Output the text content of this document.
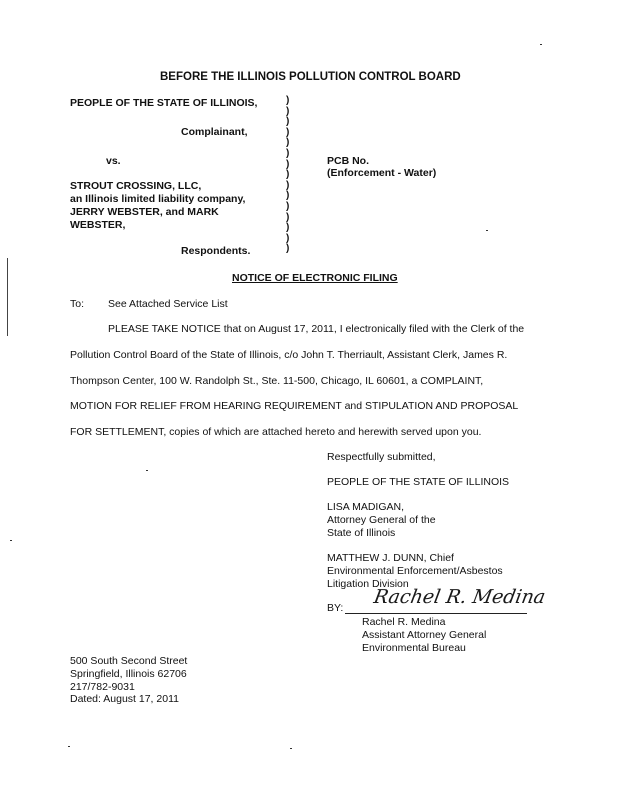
BEFORE THE ILLINOIS POLLUTION CONTROL BOARD
PEOPLE OF THE STATE OF ILLINOIS,
Complainant,
vs.
STROUT CROSSING, LLC,
an Illinois limited liability company,
JERRY WEBSTER, and MARK
WEBSTER,
Respondents.
PCB No.
(Enforcement - Water)
)
)
)
)
)
)
)
)
)
)
)
)
)
)
)
NOTICE OF ELECTRONIC FILING
To: See Attached Service List
PLEASE TAKE NOTICE that on August 17, 2011, I electronically filed with the Clerk of the
Pollution Control Board of the State of Illinois, c/o John T. Therriault, Assistant Clerk, James R.
Thompson Center, 100 W. Randolph St., Ste. 11-500, Chicago, IL 60601, a COMPLAINT,
MOTION FOR RELIEF FROM HEARING REQUIREMENT and STIPULATION AND PROPOSAL
FOR SETTLEMENT, copies of which are attached hereto and herewith served upon you.
Respectfully submitted,
PEOPLE OF THE STATE OF ILLINOIS
LISA MADIGAN,
Attorney General of the
State of Illinois
MATTHEW J. DUNN, Chief
Environmental Enforcement/Asbestos
Litigation Division
BY: Rachel R. Medina
Rachel R. Medina
Assistant Attorney General
Environmental Bureau
500 South Second Street
Springfield, Illinois 62706
217/782-9031
Dated: August 17, 2011
